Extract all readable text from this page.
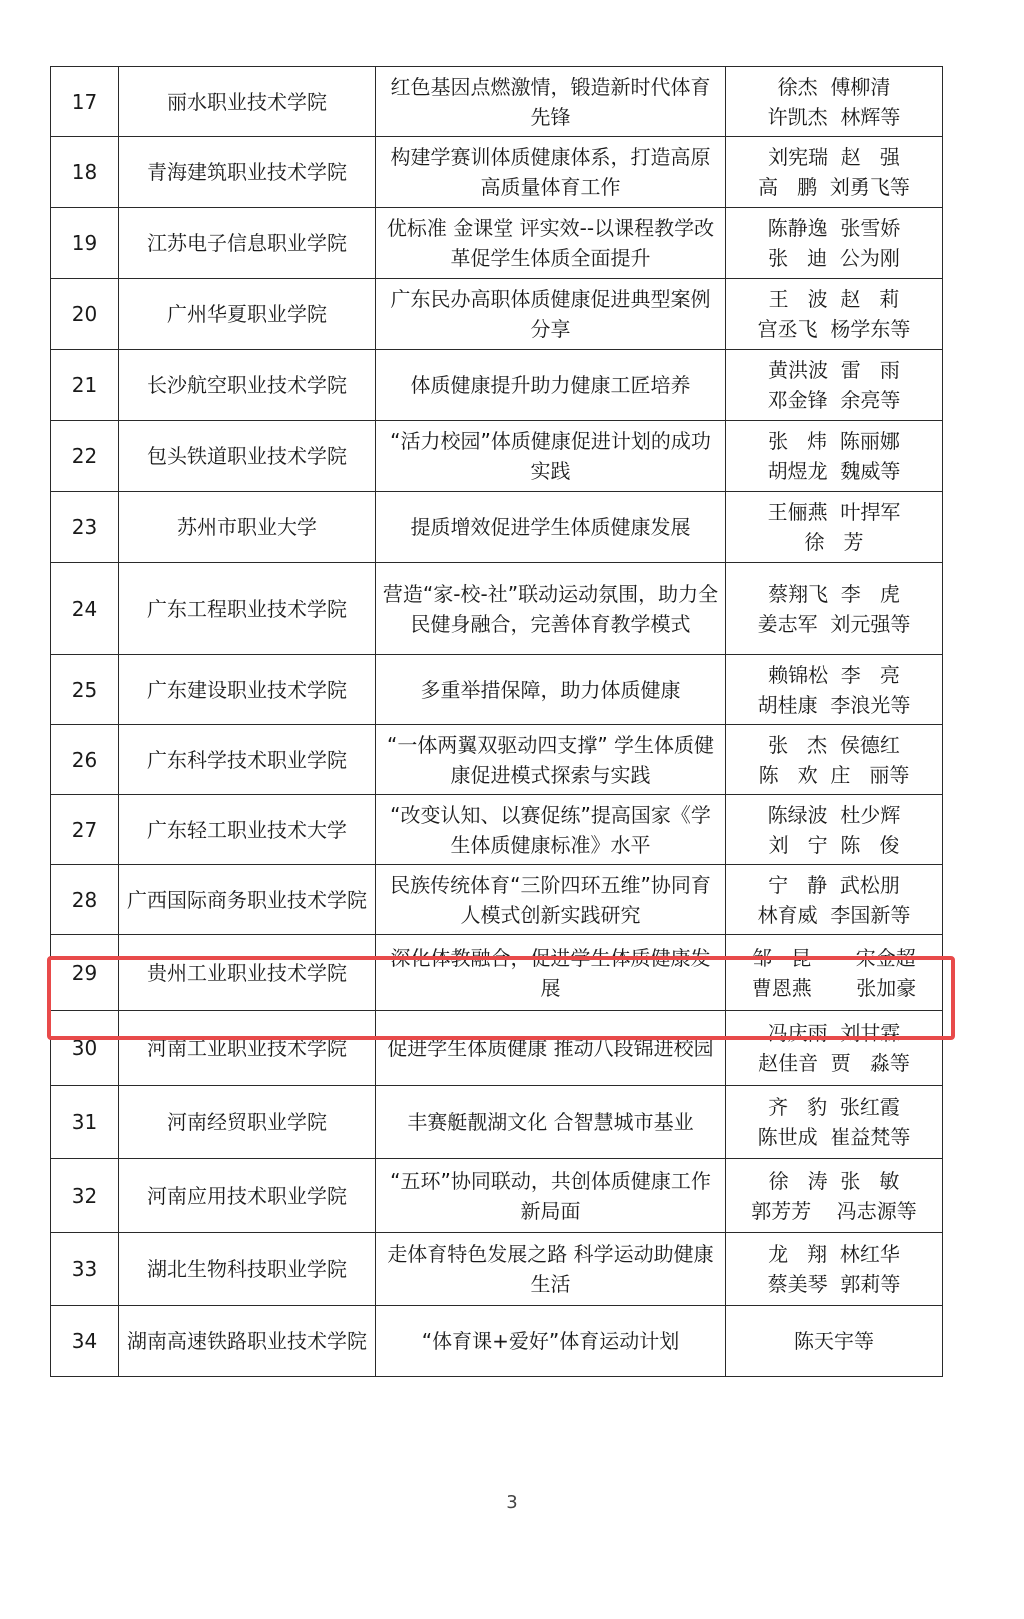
17	丽水职业技术学院	红色基因点燃激情，锻造新时代体育先锋	徐杰  傅柳清
许凯杰  林辉等

18	青海建筑职业技术学院	构建学赛训体质健康体系，打造高原高质量体育工作	刘宪瑞  赵   强
高   鹏  刘勇飞等

19	江苏电子信息职业学院	优标准 金课堂 评实效--以课程教学改革促学生体质全面提升	陈静逸  张雪娇
张   迪  公为刚

20	广州华夏职业学院	广东民办高职体质健康促进典型案例分享	王   波  赵   莉
宫丞飞  杨学东等

21	长沙航空职业技术学院	体质健康提升助力健康工匠培养	黄洪波  雷   雨
邓金锋  余亮等

22	包头铁道职业技术学院	“活力校园”体质健康促进计划的成功实践	张   炜  陈丽娜
胡煜龙  魏威等

23	苏州市职业大学	提质增效促进学生体质健康发展	王俪燕  叶捍军
徐   芳

24	广东工程职业技术学院	营造“家-校-社”联动运动氛围，助力全 民健身融合，完善体育教学模式	蔡翔飞  李   虎
姜志军  刘元强等

25	广东建设职业技术学院	多重举措保障，助力体质健康	赖锦松  李   亮
胡桂康  李浪光等

26	广东科学技术职业学院	“一体两翼双驱动四支撑” 学生体质健康促进模式探索与实践	张   杰  侯德红
陈   欢  庄   丽等

27	广东轻工职业技术大学	“改变认知、以赛促练”提高国家《学生体质健康标准》水平	陈绿波  杜少辉
刘   宁  陈   俊

28	广西国际商务职业技术学院	民族传统体育“三阶四环五维”协同育人模式创新实践研究	宁   静  武松朋
林育威  李国新等

29	贵州工业职业技术学院	深化体教融合，促进学生体质健康发展	邹   昆       宋金超
曹恩燕       张加豪

30	河南工业职业技术学院	促进学生体质健康 推动八段锦进校园	冯庆雨  刘甘霖
赵佳音  贾   淼等

31	河南经贸职业学院	丰赛艇靓湖文化 合智慧城市基业	齐   豹  张红霞
陈世成  崔益梵等

32	河南应用技术职业学院	“五环”协同联动，共创体质健康工作新局面	徐   涛  张   敏
郭芳芳    冯志源等

33	湖北生物科技职业学院	走体育特色发展之路 科学运动助健康生活	龙   翔  林红华
蔡美琴  郭莉等

34	湖南高速铁路职业技术学院	“体育课+爱好”体育运动计划	陈天宇等
3
